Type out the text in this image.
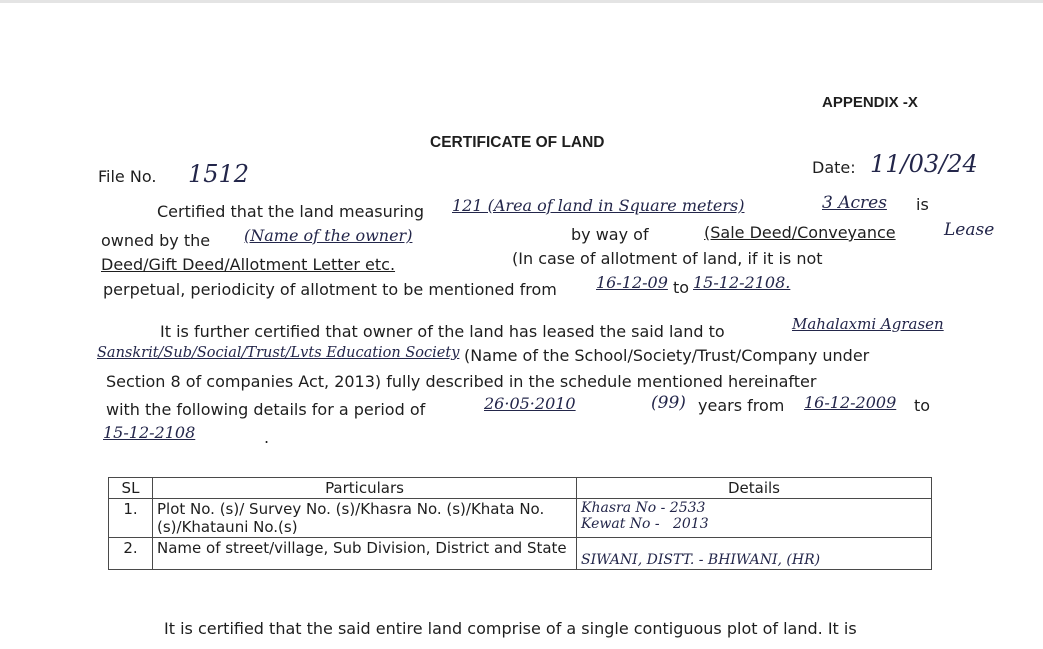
APPENDIX -X
CERTIFICATE OF LAND
File No. 1512	Date: 11/03/24
Certified that the land measuring 121 (Area of land in Square meters)	3 Acres is
owned by the (Name of the owner)	by way of	(Sale Deed/Conveyance	Lease
Deed/Gift Deed/Allotment Letter etc.	(In case of allotment of land, if it is not
perpetual, periodicity of allotment to be mentioned from 16-12-09 to 15-12-2108.
It is further certified that owner of the land has leased the said land to	Mahalaxmi Agrasen
Sanskrit/Sub/Social/Trust/Lvts Education Society (Name of the School/Society/Trust/Company under
Section 8 of companies Act, 2013) fully described in the schedule mentioned hereinafter
with the following details for a period of	26·05·2010	(99) years from 16-12-2009 to
15-12-2108	.
SL	Particulars	Details
1.	Plot No. (s)/ Survey No. (s)/Khasra No. (s)/Khata No.(s)/Khatauni No.(s)	Khasra No - 2533
Kewat No -   2013
2.	Name of street/village, Sub Division, District and State	SIWANI, DISTT. - BHIWANI, (HR)
It is certified that the said entire land comprise of a single contiguous plot of land. It is
